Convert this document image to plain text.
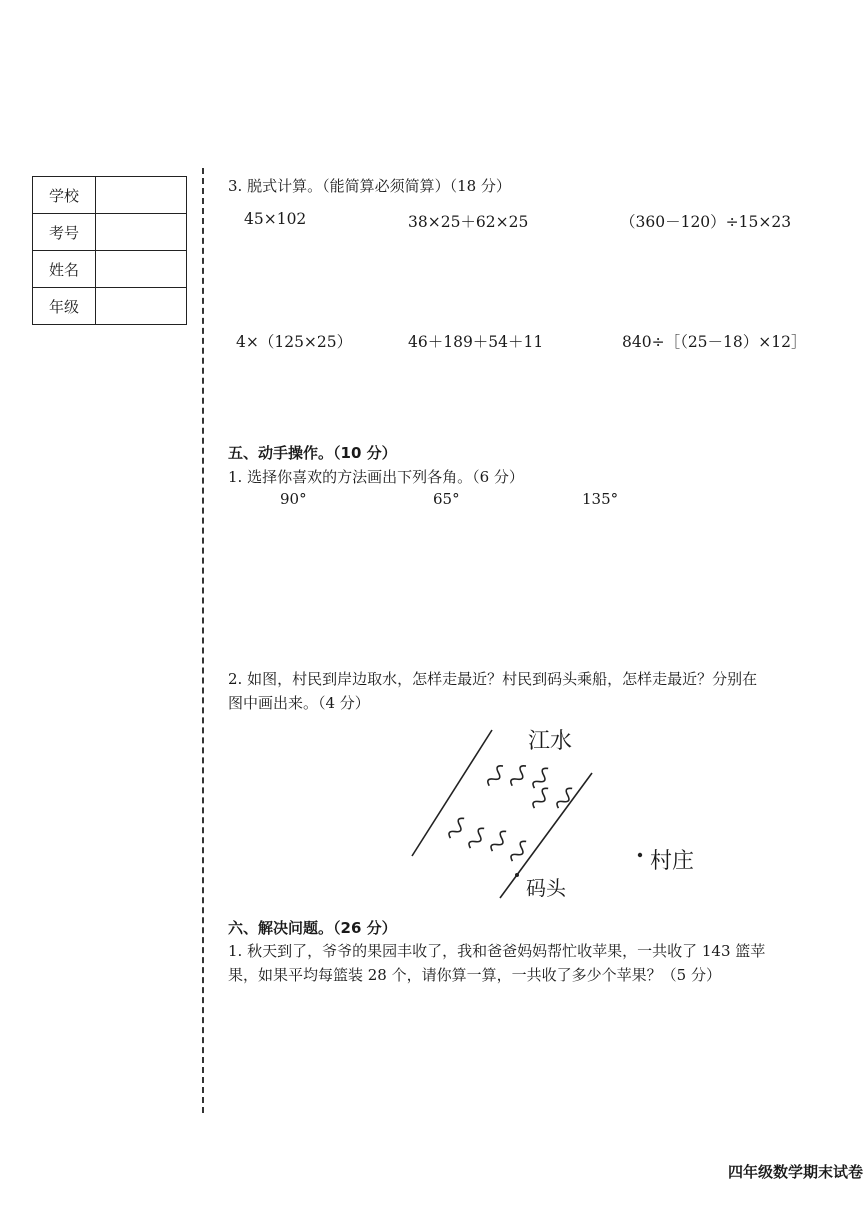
学校	
考号	
姓名	
年级	
3. 脱式计算。（能简算必须简算）（18 分）
45×102	38×25＋62×25	（360－120）÷15×23
4×（125×25）	46＋189＋54＋11	840÷［（25－18）×12］
五、动手操作。（10 分）
1. 选择你喜欢的方法画出下列各角。（6 分）
90°	65°	135°
2. 如图，村民到岸边取水，怎样走最近？村民到码头乘船，怎样走最近？分别在
图中画出来。（4 分）
江水
村庄
码头
六、解决问题。（26 分）
1. 秋天到了，爷爷的果园丰收了，我和爸爸妈妈帮忙收苹果，一共收了 143 篮苹
果，如果平均每篮装 28 个，请你算一算，一共收了多少个苹果？（5 分）
四年级数学期末试卷
